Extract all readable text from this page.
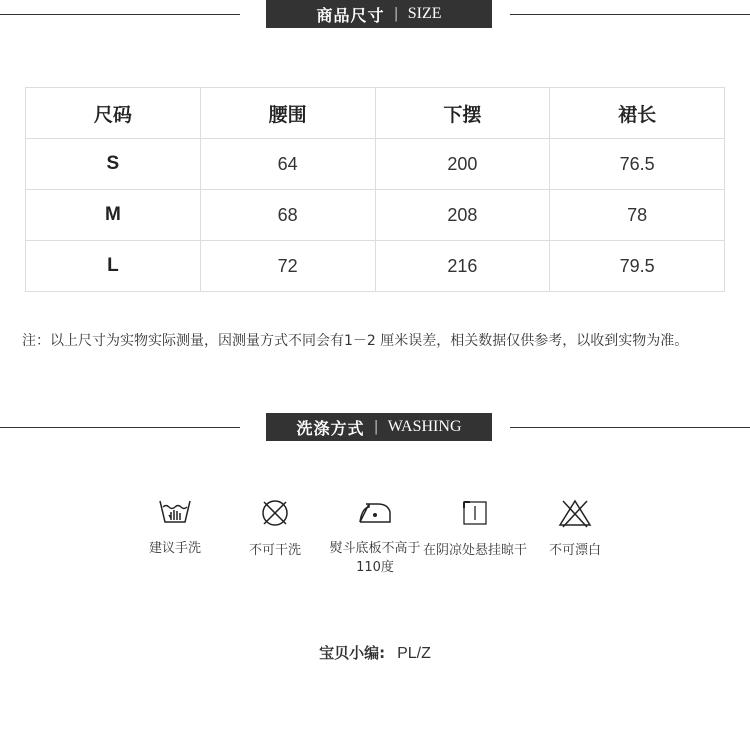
商品尺寸 | SIZE
尺码	腰围	下摆	裙长
S	64	200	76.5
M	68	208	78
L	72	216	79.5
注：以上尺寸为实物实际测量，因测量方式不同会有1－2 厘米误差，相关数据仅供参考，以收到实物为准。
洗涤方式 | WASHING
建议手洗	不可干洗	熨斗底板不高于110度
在阴凉处悬挂晾干	不可漂白
宝贝小编: PL/Z
